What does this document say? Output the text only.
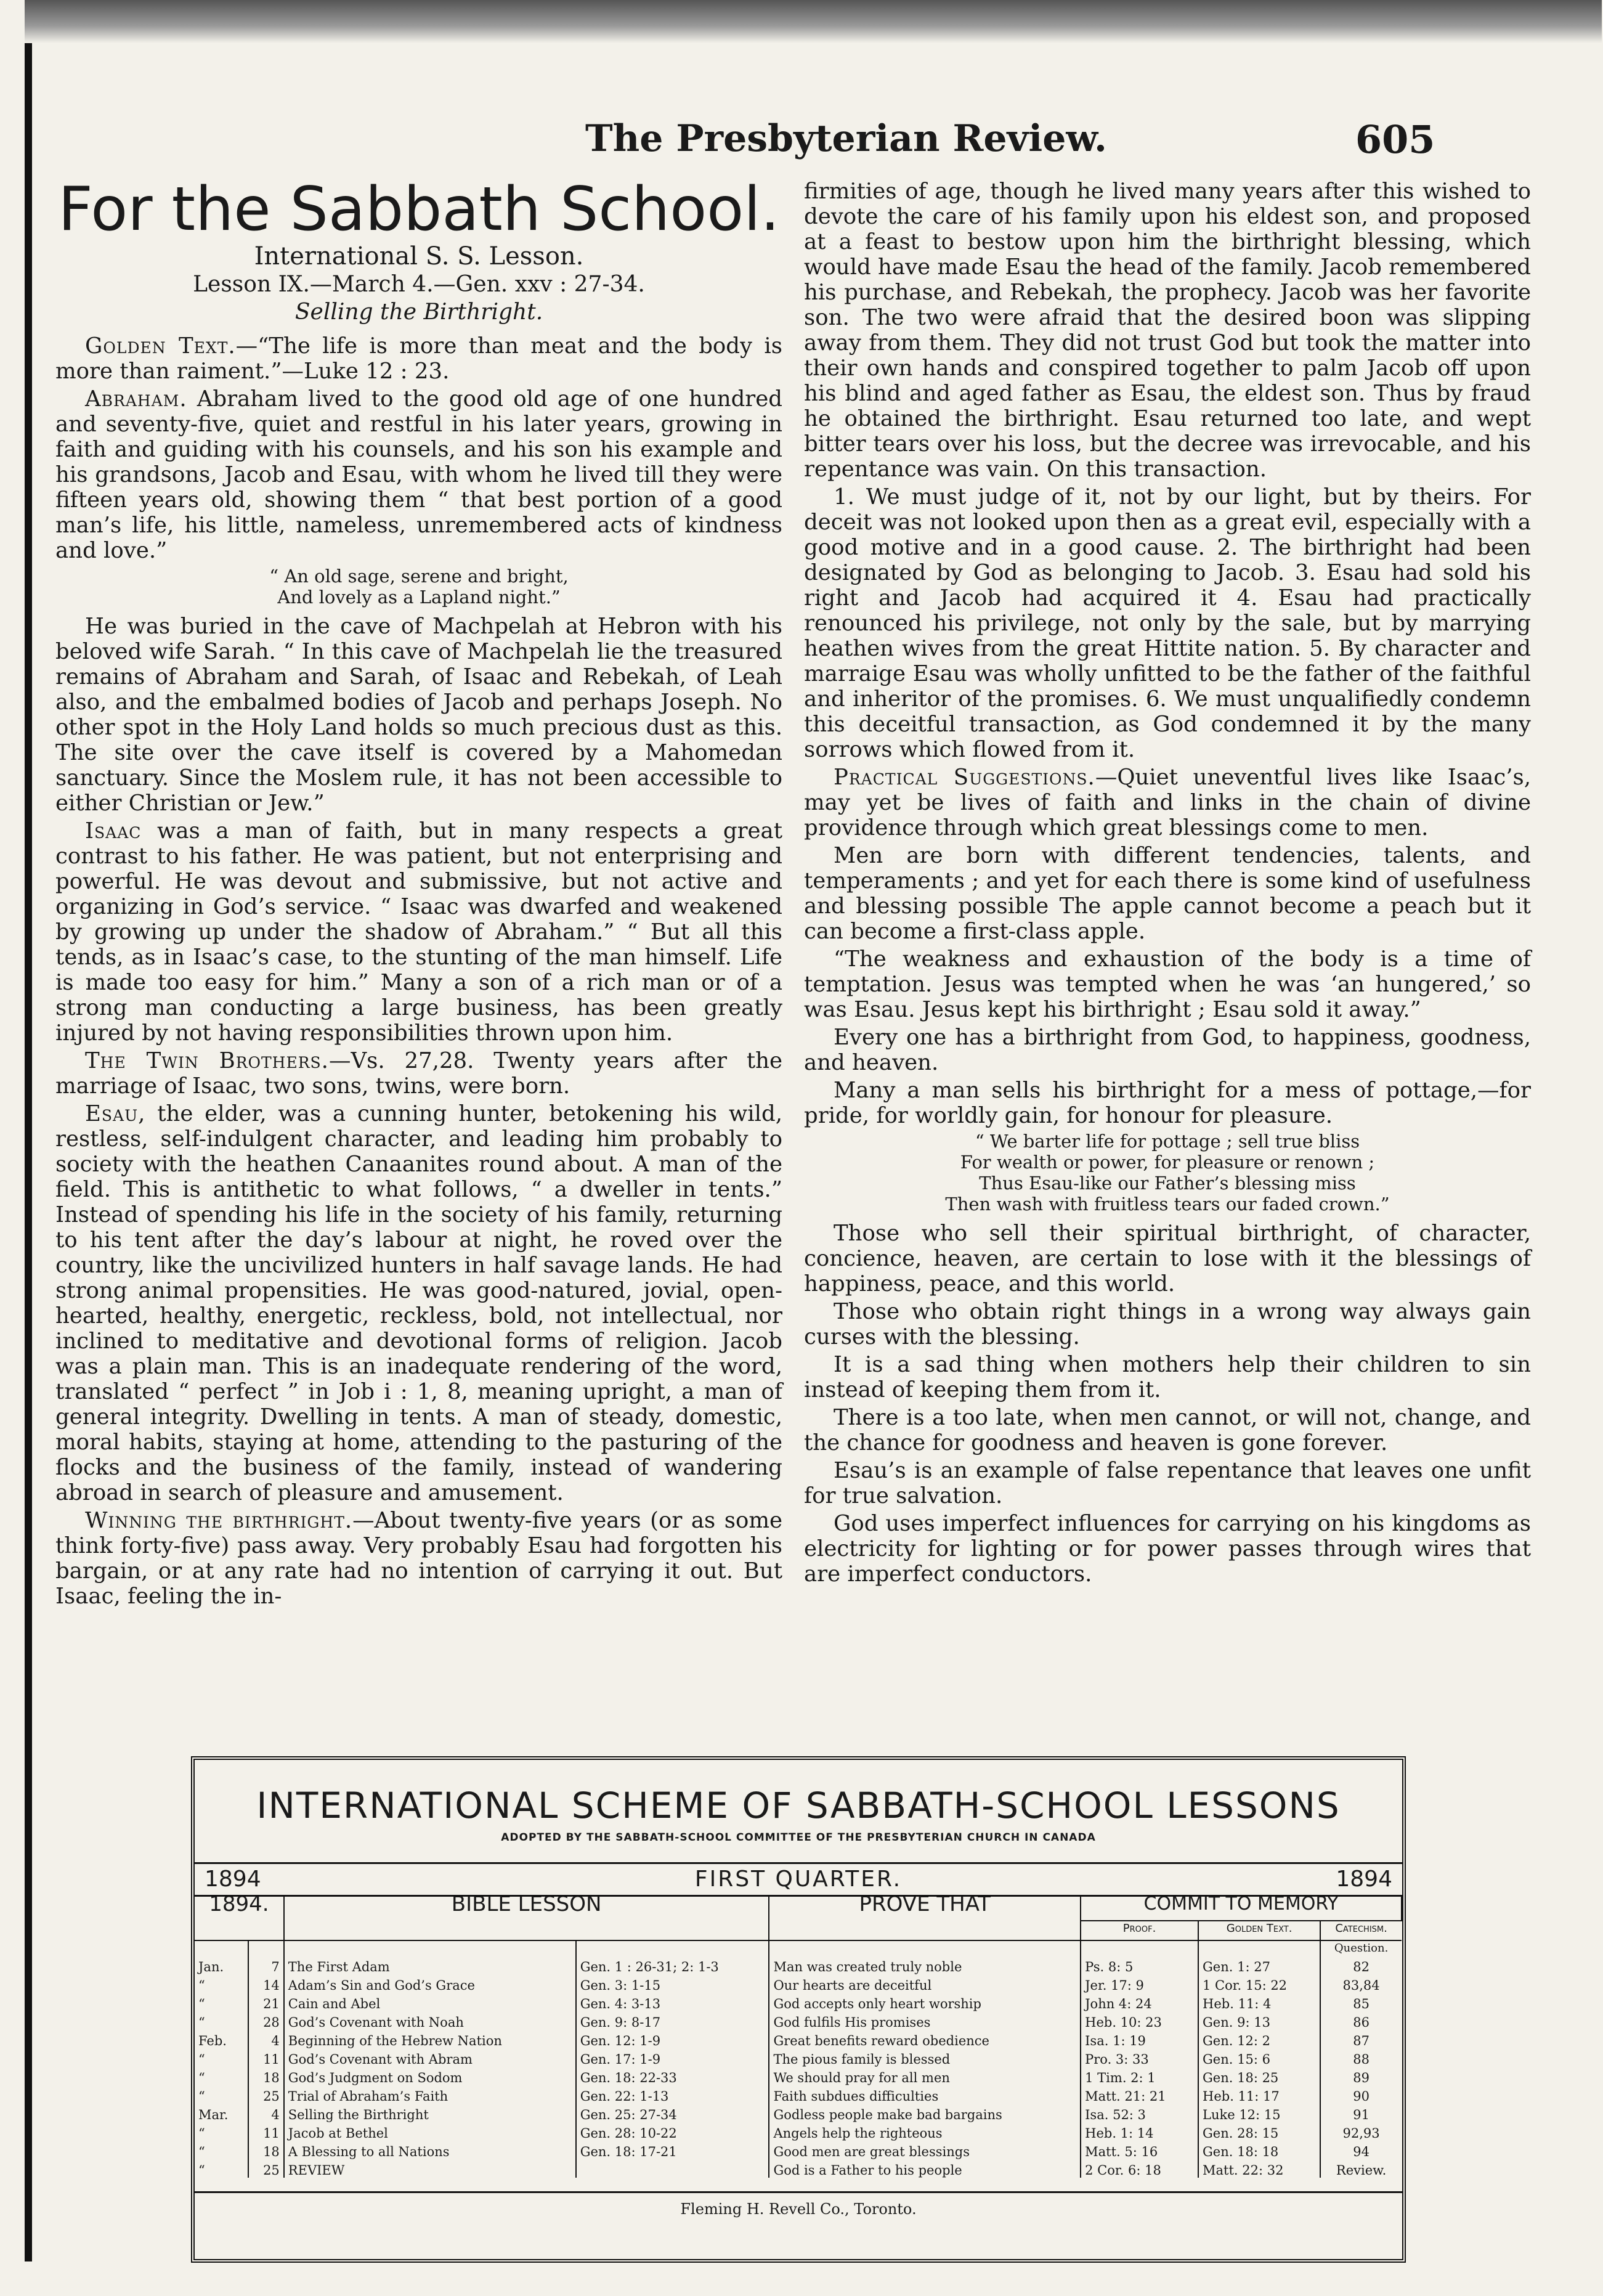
The Presbyterian Review.	605
For the Sabbath School.
International S. S. Lesson.
Lesson IX.—March 4.—Gen. xxv : 27-34.
Selling the Birthright.

Golden Text.—“The life is more than meat and the body is more than raiment.”—Luke 12 : 23.

Abraham. Abraham lived to the good old age of one hundred and seventy-five, quiet and restful in his later years, growing in faith and guiding with his counsels, and his son his example and his grandsons, Jacob and Esau, with whom he lived till they were fifteen years old, showing them “ that best portion of a good man’s life, his little, nameless, unremembered acts of kindness and love.”

“ An old sage, serene and bright,
And lovely as a Lapland night.”

He was buried in the cave of Machpelah at Hebron with his beloved wife Sarah. “ In this cave of Machpelah lie the treasured remains of Abraham and Sarah, of Isaac and Rebekah, of Leah also, and the embalmed bodies of Jacob and perhaps Joseph. No other spot in the Holy Land holds so much precious dust as this. The site over the cave itself is covered by a Mahomedan sanctuary. Since the Moslem rule, it has not been accessible to either Christian or Jew.”

Isaac was a man of faith, but in many respects a great contrast to his father. He was patient, but not enterprising and powerful. He was devout and submissive, but not active and organizing in God’s service. “ Isaac was dwarfed and weakened by growing up under the shadow of Abraham.” “ But all this tends, as in Isaac’s case, to the stunting of the man himself. Life is made too easy for him.” Many a son of a rich man or of a strong man conducting a large business, has been greatly injured by not having responsibilities thrown upon him.

The Twin Brothers.—Vs. 27,28. Twenty years after the marriage of Isaac, two sons, twins, were born.

Esau, the elder, was a cunning hunter, betokening his wild, restless, self-indulgent character, and leading him probably to society with the heathen Canaanites round about. A man of the field. This is antithetic to what follows, “ a dweller in tents.” Instead of spending his life in the society of his family, returning to his tent after the day’s labour at night, he roved over the country, like the uncivilized hunters in half savage lands. He had strong animal propensities. He was good-natured, jovial, open-hearted, healthy, energetic, reckless, bold, not intellectual, nor inclined to meditative and devotional forms of religion. Jacob was a plain man. This is an inadequate rendering of the word, translated “ perfect ” in Job i : 1, 8, meaning upright, a man of general integrity. Dwelling in tents. A man of steady, domestic, moral habits, staying at home, attending to the pasturing of the flocks and the business of the family, instead of wandering abroad in search of pleasure and amusement.

Winning the birthright.—About twenty-five years (or as some think forty-five) pass away. Very probably Esau had forgotten his bargain, or at any rate had no intention of carrying it out. But Isaac, feeling the in-

firmities of age, though he lived many years after this wished to devote the care of his family upon his eldest son, and proposed at a feast to bestow upon him the birthright blessing, which would have made Esau the head of the family. Jacob remembered his purchase, and Rebekah, the prophecy. Jacob was her favorite son. The two were afraid that the desired boon was slipping away from them. They did not trust God but took the matter into their own hands and conspired together to palm Jacob off upon his blind and aged father as Esau, the eldest son. Thus by fraud he obtained the birthright. Esau returned too late, and wept bitter tears over his loss, but the decree was irrevocable, and his repentance was vain. On this transaction.

1. We must judge of it, not by our light, but by theirs. For deceit was not looked upon then as a great evil, especially with a good motive and in a good cause. 2. The birthright had been designated by God as belonging to Jacob. 3. Esau had sold his right and Jacob had acquired it 4. Esau had practically renounced his privilege, not only by the sale, but by marrying heathen wives from the great Hittite nation. 5. By character and marraige Esau was wholly unfitted to be the father of the faithful and inheritor of the promises. 6. We must unqualifiedly condemn this deceitful transaction, as God condemned it by the many sorrows which flowed from it.

Practical Suggestions.—Quiet uneventful lives like Isaac’s, may yet be lives of faith and links in the chain of divine providence through which great blessings come to men.

Men are born with different tendencies, talents, and temperaments ; and yet for each there is some kind of usefulness and blessing possible The apple cannot become a peach but it can become a first-class apple.

“The weakness and exhaustion of the body is a time of temptation. Jesus was tempted when he was ‘an hungered,’ so was Esau. Jesus kept his birthright ; Esau sold it away.”

Every one has a birthright from God, to happiness, goodness, and heaven.

Many a man sells his birthright for a mess of pottage,—for pride, for worldly gain, for honour for pleasure.

“ We barter life for pottage ; sell true bliss
For wealth or power, for pleasure or renown ;
Thus Esau-like our Father’s blessing miss
Then wash with fruitless tears our faded crown.”

Those who sell their spiritual birthright, of character, concience, heaven, are certain to lose with it the blessings of happiness, peace, and this world.

Those who obtain right things in a wrong way always gain curses with the blessing.

It is a sad thing when mothers help their children to sin instead of keeping them from it.

There is a too late, when men cannot, or will not, change, and the chance for goodness and heaven is gone forever.

Esau’s is an example of false repentance that leaves one unfit for true salvation.

God uses imperfect influences for carrying on his kingdoms as electricity for lighting or for power passes through wires that are imperfect conductors.

INTERNATIONAL SCHEME OF SABBATH-SCHOOL LESSONS
ADOPTED BY THE SABBATH-SCHOOL COMMITTEE OF THE PRESBYTERIAN CHURCH IN CANADA
FIRST QUARTER.
1894	1894
1894.		BIBLE LESSON		PROVE THAT	COMMIT TO MEMORY		
					Proof.	Golden Text.	Catechism.
							Question.
Jan.	7	The First Adam	Gen. 1 : 26-31; 2: 1-3	Man was created truly noble	Ps. 8: 5	Gen. 1: 27	82
“	14	Adam’s Sin and God’s Grace	Gen. 3: 1-15	Our hearts are deceitful	Jer. 17: 9	1 Cor. 15: 22	83,84
“	21	Cain and Abel	Gen. 4: 3-13	God accepts only heart worship	John 4: 24	Heb. 11: 4	85
“	28	God’s Covenant with Noah	Gen. 9: 8-17	God fulfils His promises	Heb. 10: 23	Gen. 9: 13	86
Feb.	4	Beginning of the Hebrew Nation	Gen. 12: 1-9	Great benefits reward obedience	Isa. 1: 19	Gen. 12: 2	87
“	11	God’s Covenant with Abram	Gen. 17: 1-9	The pious family is blessed	Pro. 3: 33	Gen. 15: 6	88
“	18	God’s Judgment on Sodom	Gen. 18: 22-33	We should pray for all men	1 Tim. 2: 1	Gen. 18: 25	89
“	25	Trial of Abraham’s Faith	Gen. 22: 1-13	Faith subdues difficulties	Matt. 21: 21	Heb. 11: 17	90
Mar.	4	Selling the Birthright	Gen. 25: 27-34	Godless people make bad bargains	Isa. 52: 3	Luke 12: 15	91
“	11	Jacob at Bethel	Gen. 28: 10-22	Angels help the righteous	Heb. 1: 14	Gen. 28: 15	92,93
“	18	A Blessing to all Nations	Gen. 18: 17-21	Good men are great blessings	Matt. 5: 16	Gen. 18: 18	94
“	25	REVIEW		God is a Father to his people	2 Cor. 6: 18	Matt. 22: 32	Review.
Fleming H. Revell Co., Toronto.
